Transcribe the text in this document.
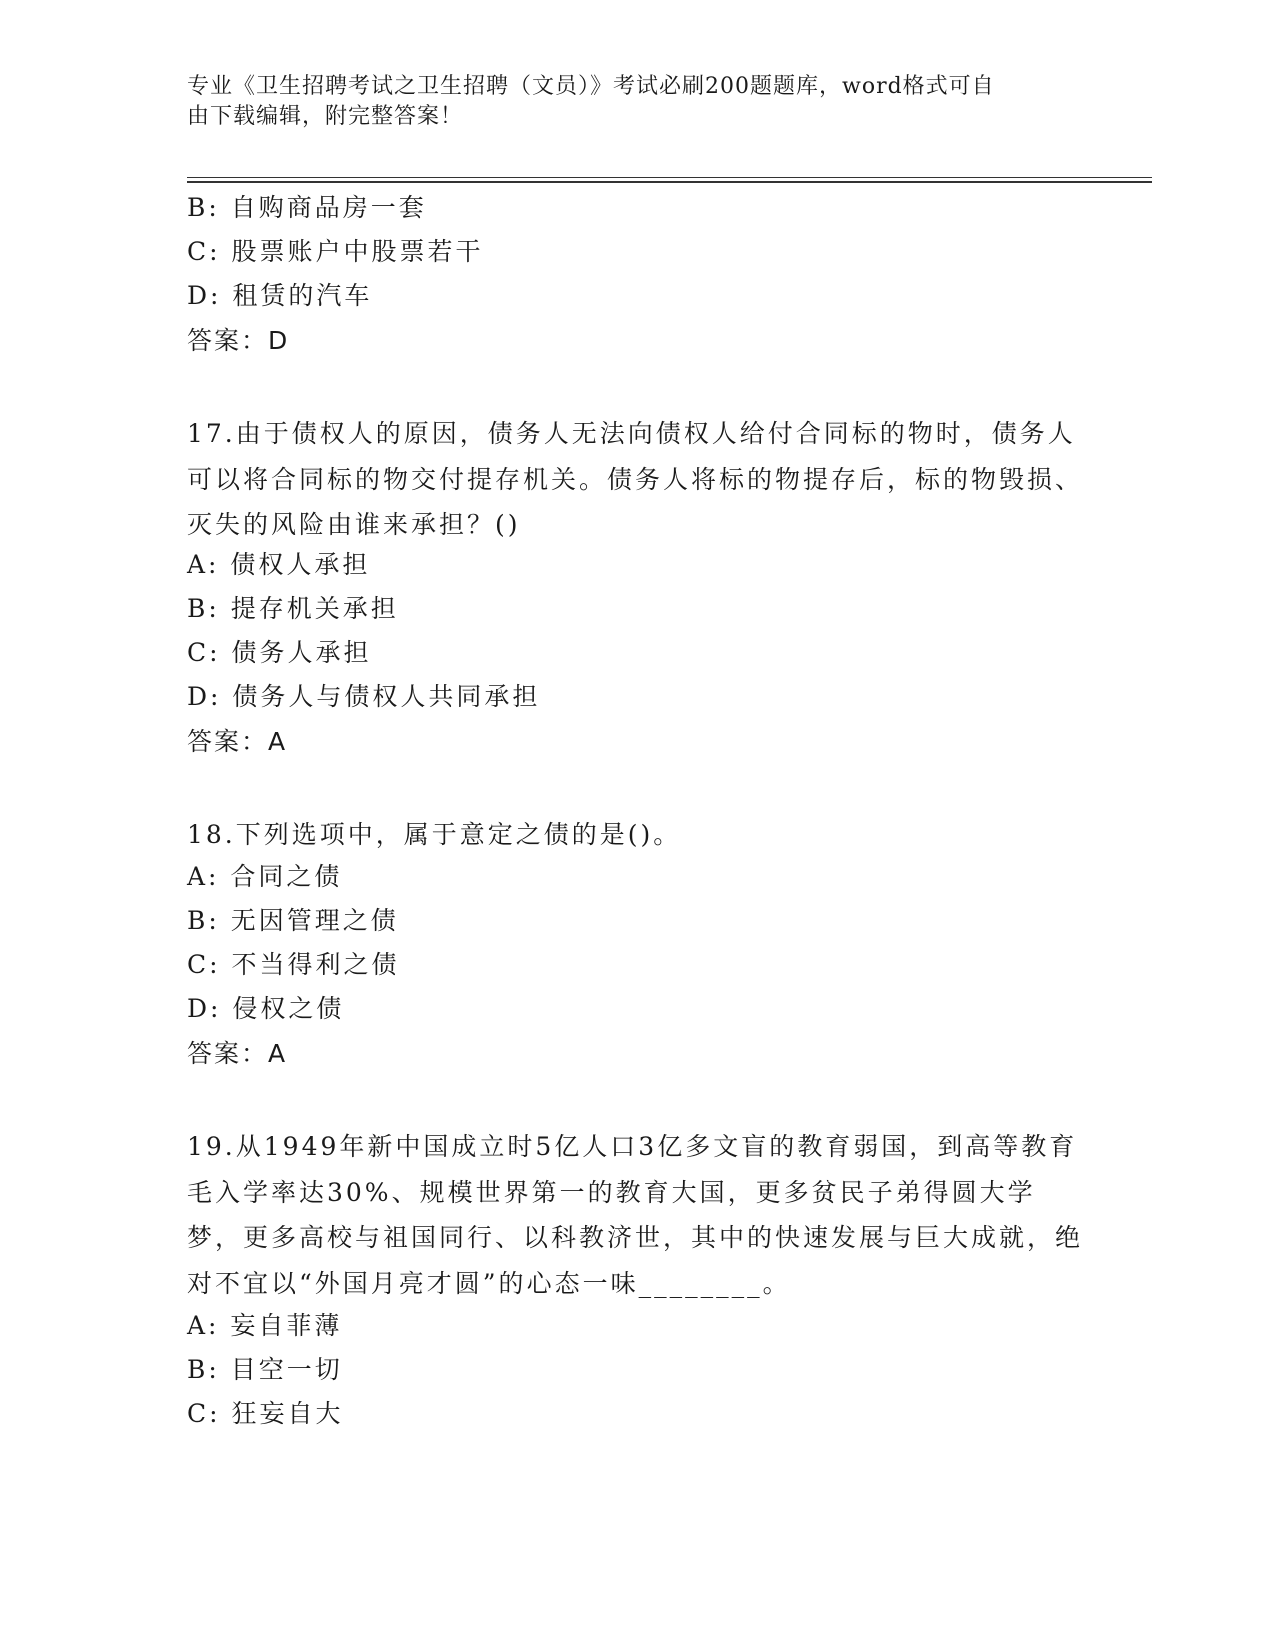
专业《卫生招聘考试之卫生招聘（文员）》考试必刷200题题库，word格式可自
由下载编辑，附完整答案！
B: 自购商品房一套
C: 股票账户中股票若干
D: 租赁的汽车
答案：D
17.由于债权人的原因，债务人无法向债权人给付合同标的物时，债务人可以将合同标的物交付提存机关。债务人将标的物提存后，标的物毁损、灭失的风险由谁来承担？()
A: 债权人承担
B: 提存机关承担
C: 债务人承担
D: 债务人与债权人共同承担
答案：A
18.下列选项中，属于意定之债的是()。
A: 合同之债
B: 无因管理之债
C: 不当得利之债
D: 侵权之债
答案：A
19.从1949年新中国成立时5亿人口3亿多文盲的教育弱国，到高等教育毛入学率达30%、规模世界第一的教育大国，更多贫民子弟得圆大学梦，更多高校与祖国同行、以科教济世，其中的快速发展与巨大成就，绝对不宜以“外国月亮才圆”的心态一味________。
A: 妄自菲薄
B: 目空一切
C: 狂妄自大
